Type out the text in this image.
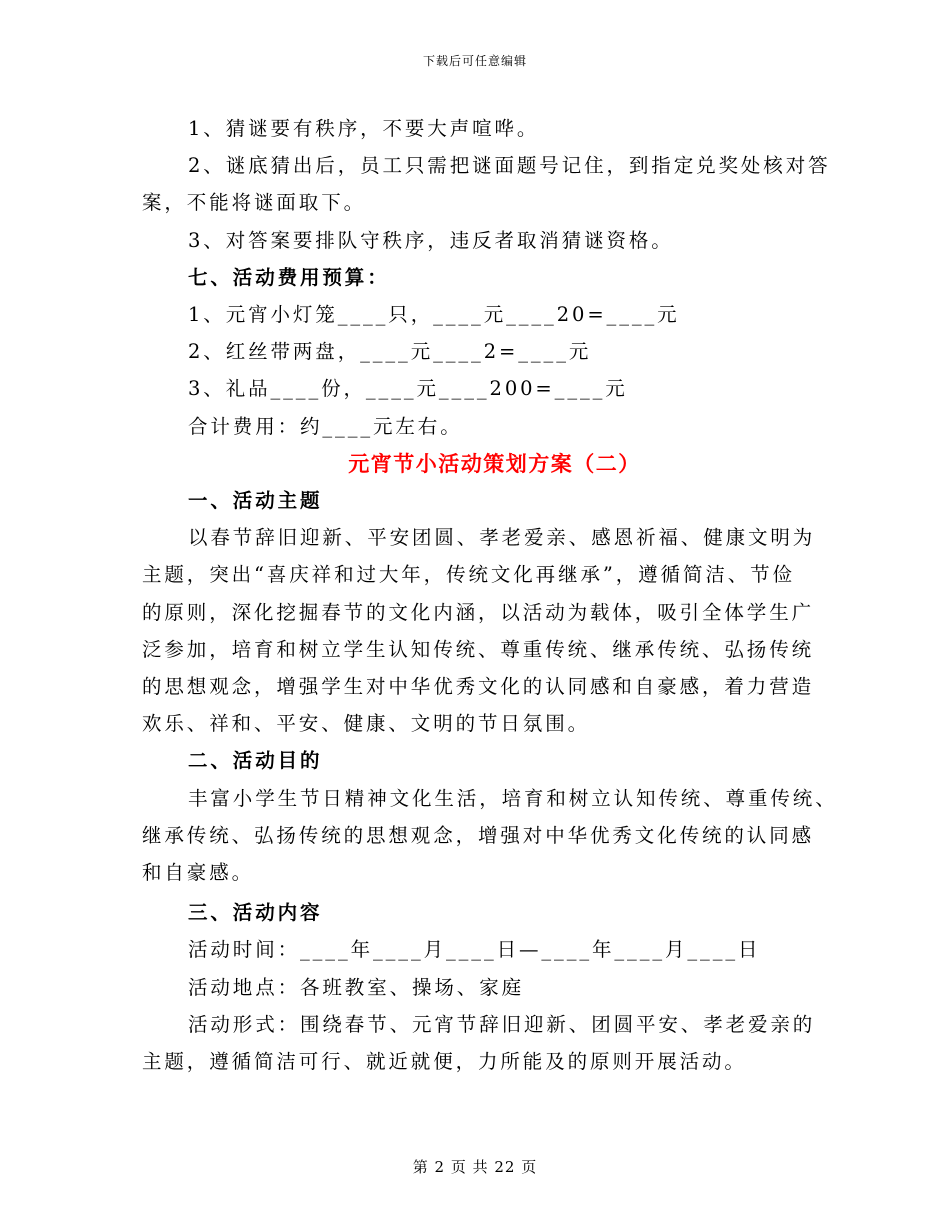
下载后可任意编辑

1、猜谜要有秩序，不要大声喧哗。

2、谜底猜出后，员工只需把谜面题号记住，到指定兑奖处核对答

案，不能将谜面取下。

3、对答案要排队守秩序，违反者取消猜谜资格。

七、活动费用预算：

1、元宵小灯笼____只，____元____20=____元

2、红丝带两盘，____元____2=____元

3、礼品____份，____元____200=____元

合计费用：约____元左右。

元宵节小活动策划方案（二）

一、活动主题

以春节辞旧迎新、平安团圆、孝老爱亲、感恩祈福、健康文明为

主题，突出“喜庆祥和过大年，传统文化再继承”，遵循简洁、节俭

的原则，深化挖掘春节的文化内涵，以活动为载体，吸引全体学生广

泛参加，培育和树立学生认知传统、尊重传统、继承传统、弘扬传统

的思想观念，增强学生对中华优秀文化的认同感和自豪感，着力营造

欢乐、祥和、平安、健康、文明的节日氛围。

二、活动目的

丰富小学生节日精神文化生活，培育和树立认知传统、尊重传统、

继承传统、弘扬传统的思想观念，增强对中华优秀文化传统的认同感

和自豪感。

三、活动内容

活动时间：____年____月____日—____年____月____日

活动地点：各班教室、操场、家庭

活动形式：围绕春节、元宵节辞旧迎新、团圆平安、孝老爱亲的

主题，遵循简洁可行、就近就便，力所能及的原则开展活动。

第 2 页 共 22 页
